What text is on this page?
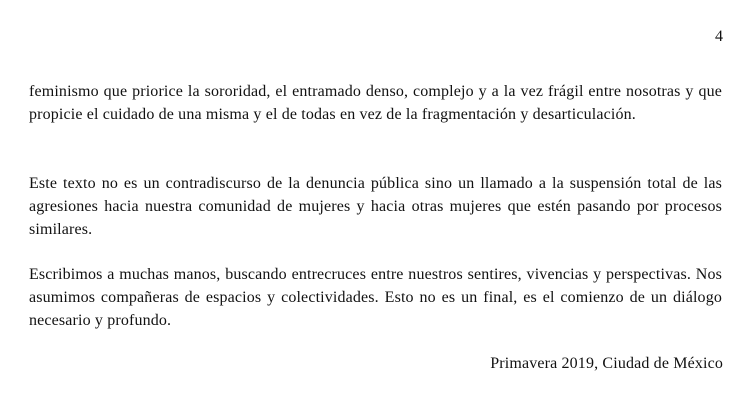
4

feminismo que priorice la sororidad, el entramado denso, complejo y a la vez frágil entre nosotras y que propicie el cuidado de una misma y el de todas en vez de la fragmentación y desarticulación.

Este texto no es un contradiscurso de la denuncia pública sino un llamado a la suspensión total de las agresiones hacia nuestra comunidad de mujeres y hacia otras mujeres que estén pasando por procesos similares.

Escribimos a muchas manos, buscando entrecruces entre nuestros sentires, vivencias y perspectivas. Nos asumimos compañeras de espacios y colectividades. Esto no es un final, es el comienzo de un diálogo necesario y profundo.

Primavera 2019, Ciudad de México
